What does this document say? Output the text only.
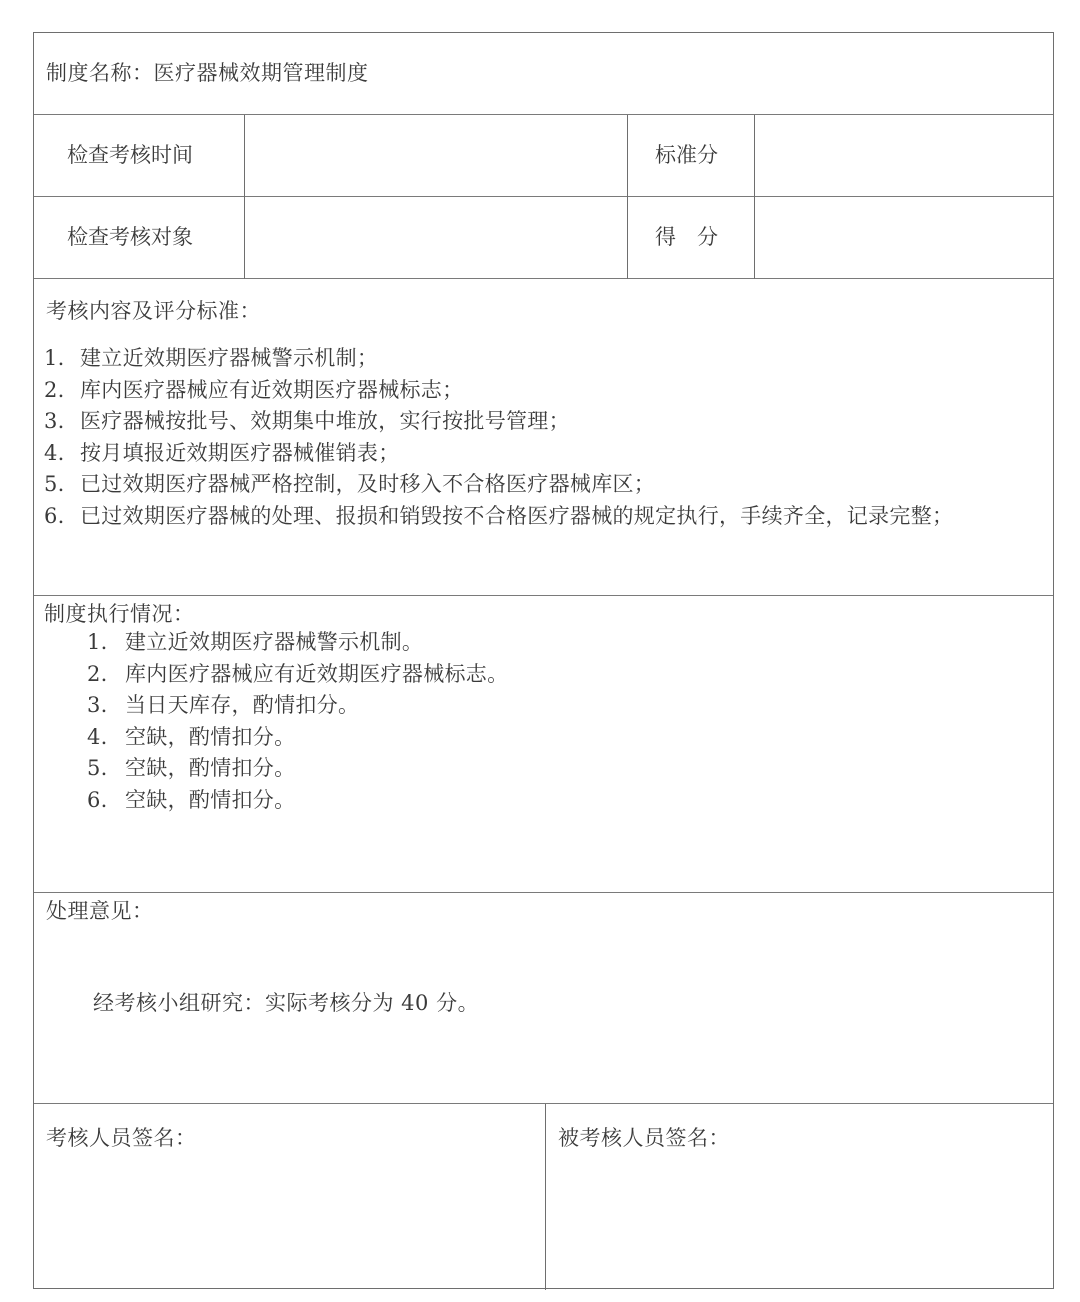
制度名称：医疗器械效期管理制度
检查考核时间	标准分
检查考核对象	得　分
考核内容及评分标准：
1. 建立近效期医疗器械警示机制；
2. 库内医疗器械应有近效期医疗器械标志；
3. 医疗器械按批号、效期集中堆放，实行按批号管理；
4. 按月填报近效期医疗器械催销表；
5. 已过效期医疗器械严格控制，及时移入不合格医疗器械库区；
6. 已过效期医疗器械的处理、报损和销毁按不合格医疗器械的规定执行，手续齐全，记录完整；
制度执行情况：
1. 建立近效期医疗器械警示机制。
2. 库内医疗器械应有近效期医疗器械标志。
3. 当日天库存，酌情扣分。
4. 空缺，酌情扣分。
5. 空缺，酌情扣分。
6. 空缺，酌情扣分。
处理意见：
经考核小组研究：实际考核分为 40 分。
考核人员签名：	被考核人员签名：
